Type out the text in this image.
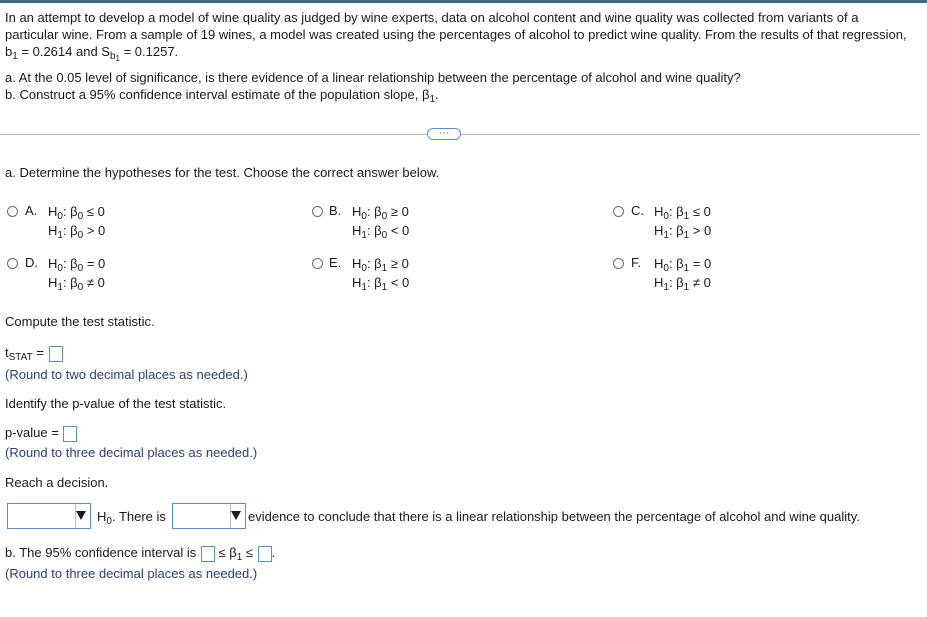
In an attempt to develop a model of wine quality as judged by wine experts, data on alcohol content and wine quality was collected from variants of a
particular wine. From a sample of 19 wines, a model was created using the percentages of alcohol to predict wine quality. From the results of that regression,
$b_1 = 0.2614$ and $S_{b_1} = 0.1257$.
a. At the 0.05 level of significance, is there evidence of a linear relationship between the percentage of alcohol and wine quality?
b. Construct a 95% confidence interval estimate of the population slope, $\beta_1$.
···
a. Determine the hypotheses for the test. Choose the correct answer below.
A. $H_0$: $\beta_0 \le 0$
$H_1$: $\beta_0 > 0$
B. $H_0$: $\beta_0 \ge 0$
$H_1$: $\beta_0 < 0$
C. $H_0$: $\beta_1 \le 0$
$H_1$: $\beta_1 > 0$
D. $H_0$: $\beta_0 = 0$
$H_1$: $\beta_0 \ne 0$
E. $H_0$: $\beta_1 \ge 0$
$H_1$: $\beta_1 < 0$
F. $H_0$: $\beta_1 = 0$
$H_1$: $\beta_1 \ne 0$
Compute the test statistic.
$t_{STAT}$ =
(Round to two decimal places as needed.)
Identify the p-value of the test statistic.
p-value =
(Round to three decimal places as needed.)
Reach a decision.
$H_0$. There is	evidence to conclude that there is a linear relationship between the percentage of alcohol and wine quality.
b. The 95% confidence interval is  ≤ $\beta_1$ ≤ .
(Round to three decimal places as needed.)
